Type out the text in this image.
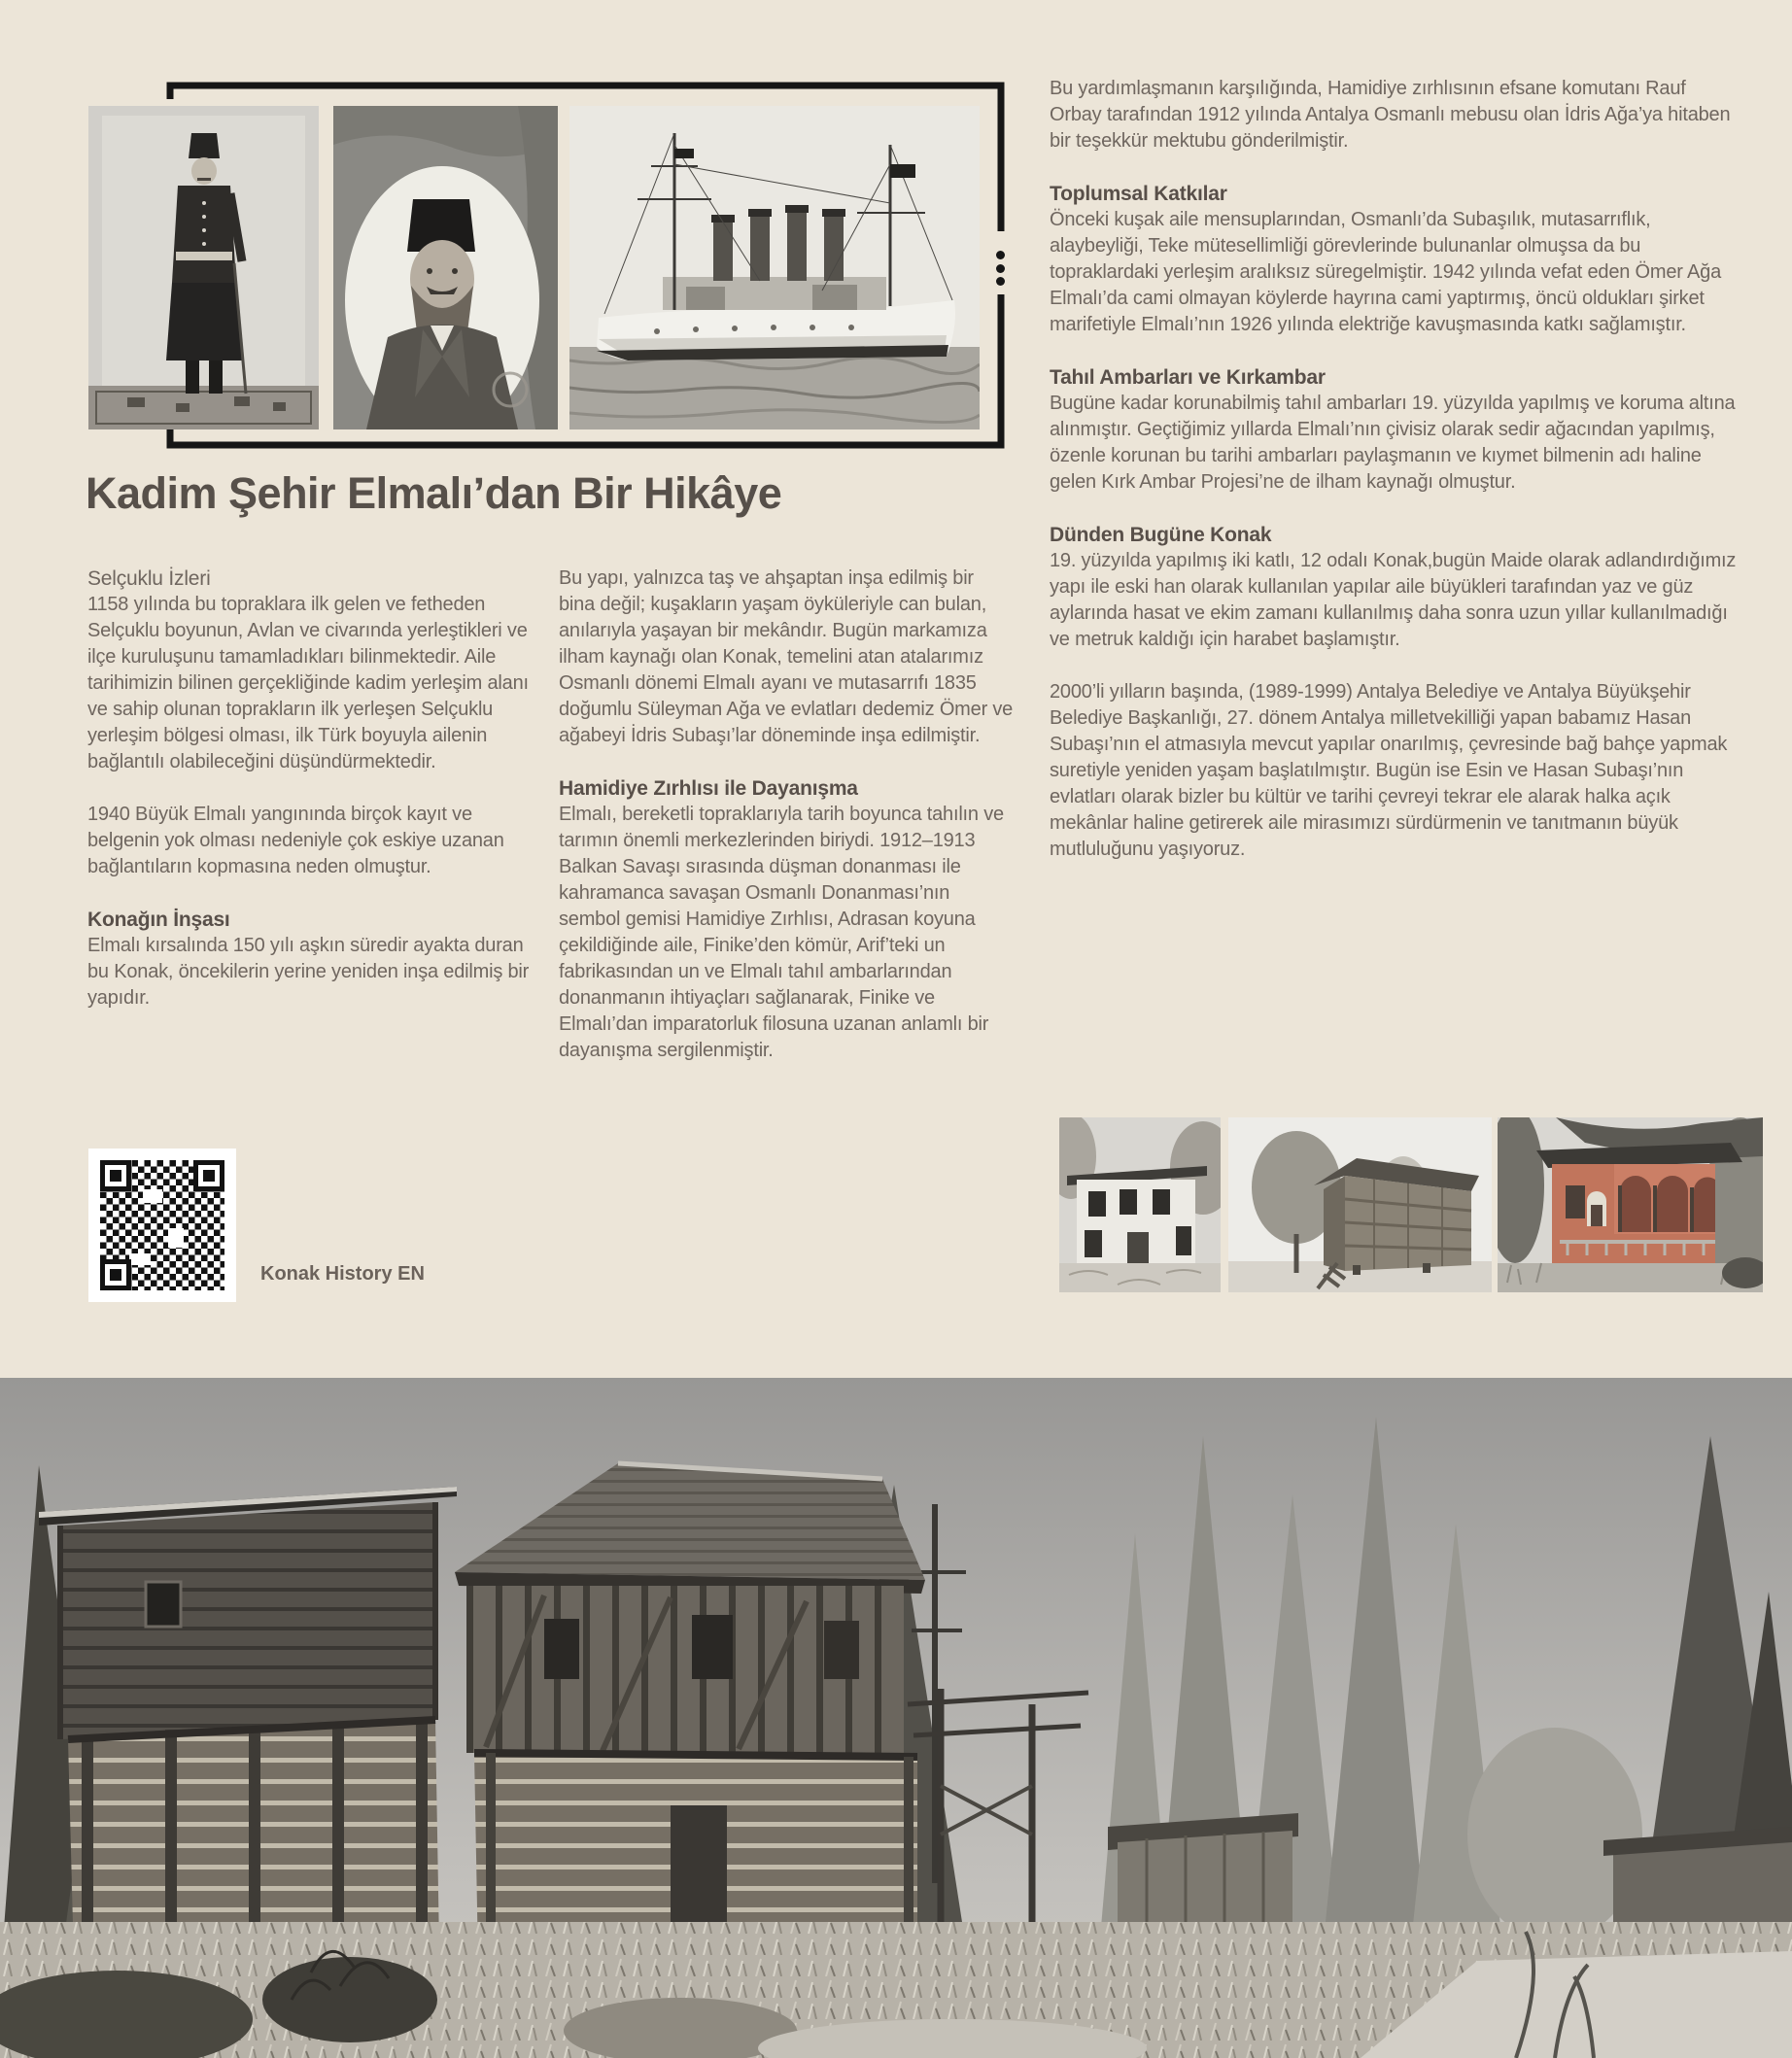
Kadim Şehir Elmalı’dan Bir Hikâye
Selçuklu İzleri

1158 yılında bu topraklara ilk gelen ve fetheden Selçuklu boyunun, Avlan ve civarında yerleştikleri ve ilçe kuruluşunu tamamladıkları bilinmektedir. Aile tarihimizin bilinen gerçekliğinde kadim yerleşim alanı ve sahip olunan toprakların ilk yerleşen Selçuklu yerleşim bölgesi olması, ilk Türk boyuyla ailenin bağlantılı olabileceğini düşündürmektedir.

1940 Büyük Elmalı yangınında birçok kayıt ve belgenin yok olması nedeniyle çok eskiye uzanan bağlantıların kopmasına neden olmuştur.

Konağın İnşası

Elmalı kırsalında 150 yılı aşkın süredir ayakta duran bu Konak, öncekilerin yerine yeniden inşa edilmiş bir yapıdır.

Bu yapı, yalnızca taş ve ahşaptan inşa edilmiş bir bina değil; kuşakların yaşam öyküleriyle can bulan, anılarıyla yaşayan bir mekândır. Bugün markamıza ilham kaynağı olan Konak, temelini atan atalarımız Osmanlı dönemi Elmalı ayanı ve mutasarrıfı 1835 doğumlu Süleyman Ağa ve evlatları dedemiz Ömer ve ağabeyi İdris Subaşı’lar döneminde inşa edilmiştir.

Hamidiye Zırhlısı ile Dayanışma

Elmalı, bereketli topraklarıyla tarih boyunca tahılın ve tarımın önemli merkezlerinden biriydi. 1912–1913 Balkan Savaşı sırasında düşman donanması ile kahramanca savaşan Osmanlı Donanması’nın sembol gemisi Hamidiye Zırhlısı, Adrasan koyuna çekildiğinde aile, Finike’den kömür, Arif’teki un fabrikasından un ve Elmalı tahıl ambarlarından donanmanın ihtiyaçları sağlanarak, Finike ve Elmalı’dan imparatorluk filosuna uzanan anlamlı bir dayanışma sergilenmiştir.

Bu yardımlaşmanın karşılığında, Hamidiye zırhlısının efsane komutanı Rauf Orbay tarafından 1912 yılında Antalya Osmanlı mebusu olan İdris Ağa’ya hitaben bir teşekkür mektubu gönderilmiştir.

Toplumsal Katkılar

Önceki kuşak aile mensuplarından, Osmanlı’da Subaşılık, mutasarrıflık, alaybeyliği, Teke mütesellimliği görevlerinde bulunanlar olmuşsa da bu topraklardaki yerleşim aralıksız süregelmiştir. 1942 yılında vefat eden Ömer Ağa Elmalı’da cami olmayan köylerde hayrına cami yaptırmış, öncü oldukları şirket marifetiyle Elmalı’nın 1926 yılında elektriğe kavuşmasında katkı sağlamıştır.

Tahıl Ambarları ve Kırkambar

Bugüne kadar korunabilmiş tahıl ambarları 19. yüzyılda yapılmış ve koruma altına alınmıştır. Geçtiğimiz yıllarda Elmalı’nın çivisiz olarak sedir ağacından yapılmış, özenle korunan bu tarihi ambarları paylaşmanın ve kıymet bilmenin adı haline gelen Kırk Ambar Projesi’ne de ilham kaynağı olmuştur.

Dünden Bugüne Konak

19. yüzyılda yapılmış iki katlı, 12 odalı Konak,bugün Maide olarak adlandırdığımız yapı ile eski han olarak kullanılan yapılar aile büyükleri tarafından yaz ve güz aylarında hasat ve ekim zamanı kullanılmış daha sonra uzun yıllar kullanılmadığı ve metruk kaldığı için harabet başlamıştır.

2000’li yılların başında, (1989-1999) Antalya Belediye ve Antalya Büyükşehir Belediye Başkanlığı, 27. dönem Antalya milletvekilliği yapan babamız Hasan Subaşı’nın el atmasıyla mevcut yapılar onarılmış, çevresinde bağ bahçe yapmak suretiyle yeniden yaşam başlatılmıştır. Bugün ise Esin ve Hasan Subaşı’nın evlatları olarak bizler bu kültür ve tarihi çevreyi tekrar ele alarak halka açık mekânlar haline getirerek aile mirasımızı sürdürmenin ve tanıtmanın büyük mutluluğunu yaşıyoruz.

Konak History EN
